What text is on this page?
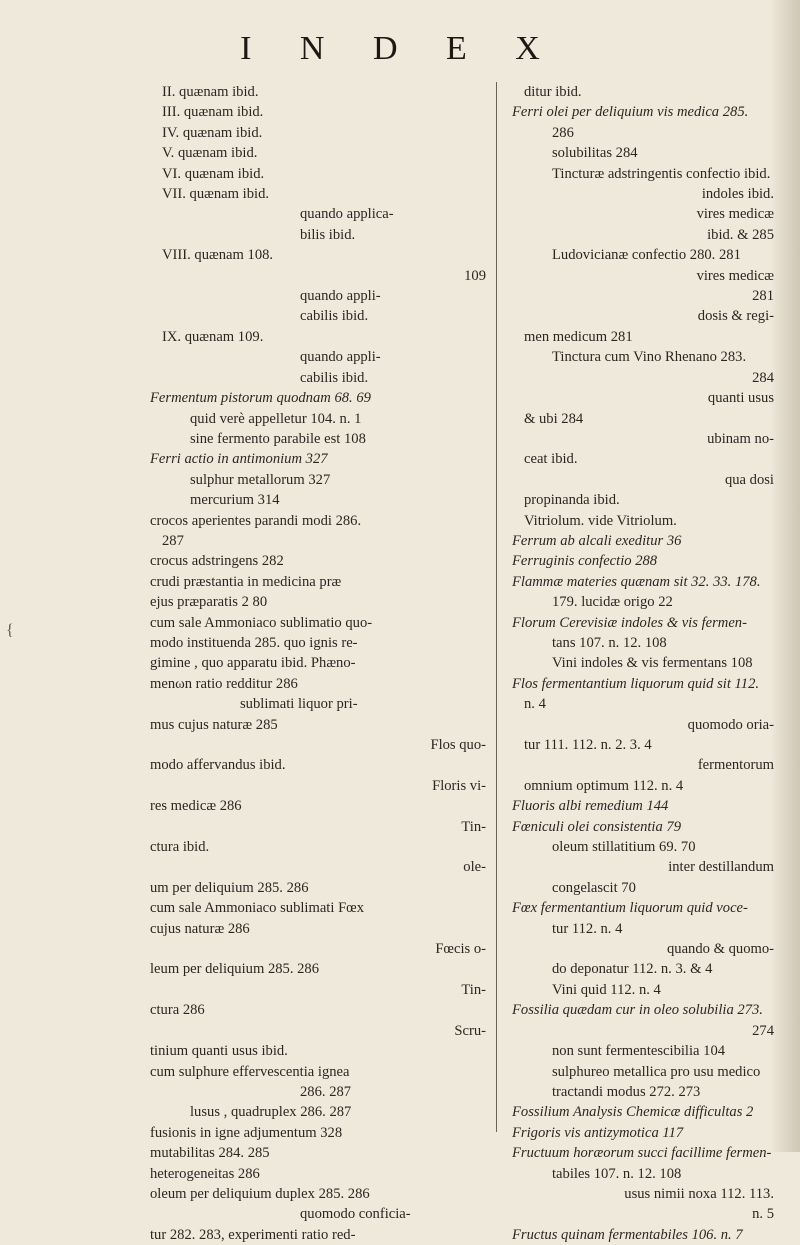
I N D E X
{
II. quænam ibid.
III. quænam ibid.
IV. quænam ibid.
V. quænam ibid.
VI. quænam ibid.
VII. quænam ibid.
quando applica-
bilis ibid.
VIII. quænam 108.
109
quando appli-
cabilis ibid.
IX. quænam 109.
quando appli-
cabilis ibid.
Fermentum pistorum quodnam 68. 69
quid verè appelletur 104. n. 1
sine fermento parabile est 108
Ferri actio in antimonium 327
sulphur metallorum 327
mercurium 314
crocos aperientes parandi modi 286.
287
crocus adstringens 282
crudi præstantia in medicina præ
ejus præparatis 2 80
cum sale Ammoniaco sublimatio quo-
modo instituenda 285. quo ignis re-
gimine , quo apparatu ibid. Phæno-
menωn ratio redditur 286
sublimati liquor pri-
mus cujus naturæ 285
Flos quo-
modo affervandus ibid.
Floris vi-
res medicæ 286
Tin-
ctura ibid.
ole-
um per deliquium 285. 286
cum sale Ammoniaco sublimati Fœx
cujus naturæ 286
Fœcis o-
leum per deliquium 285. 286
Tin-
ctura 286
Scru-
tinium quanti usus ibid.
cum sulphure effervescentia ignea
286. 287
lusus , quadruplex 286. 287
fusionis in igne adjumentum 328
mutabilitas 284. 285
heterogeneitas 286
oleum per deliquium duplex 285. 286
quomodo conficia-
tur 282. 283, experimenti ratio red-
ditur ibid.
Ferri olei per deliquium vis medica 285.
286
solubilitas 284
Tincturæ adstringentis confectio ibid.
indoles ibid.
vires medicæ
ibid. & 285
Ludovicianæ confectio 280. 281
vires medicæ
281
dosis & regi-
men medicum 281
Tinctura cum Vino Rhenano 283.
284
quanti usus
& ubi 284
ubinam no-
ceat ibid.
qua dosi
propinanda ibid.
Vitriolum. vide Vitriolum.
Ferrum ab alcali exeditur 36
Ferruginis confectio 288
Flammæ materies quænam sit 32. 33. 178.
179. lucidæ origo 22
Florum Cerevisiæ indoles & vis fermen-
tans 107. n. 12. 108
Vini indoles & vis fermentans 108
Flos fermentantium liquorum quid sit 112.
n. 4
quomodo oria-
tur 111. 112. n. 2. 3. 4
fermentorum
omnium optimum 112. n. 4
Fluoris albi remedium 144
Fœniculi olei consistentia 79
oleum stillatitium 69. 70
inter destillandum
congelascit 70
Fœx fermentantium liquorum quid voce-
tur 112. n. 4
quando & quomo-
do deponatur 112. n. 3. & 4
Vini quid 112. n. 4
Fossilia quædam cur in oleo solubilia 273.
274
non sunt fermentescibilia 104
sulphureo metallica pro usu medico
tractandi modus 272. 273
Fossilium Analysis Chemicæ difficultas 2
Frigoris vis antizymotica 117
Fructuum horæorum succi facillime fermen-
tabiles 107. n. 12. 108
usus nimii noxa 112. 113.
n. 5
Fructus quinam fermentabiles 106. n. 7
